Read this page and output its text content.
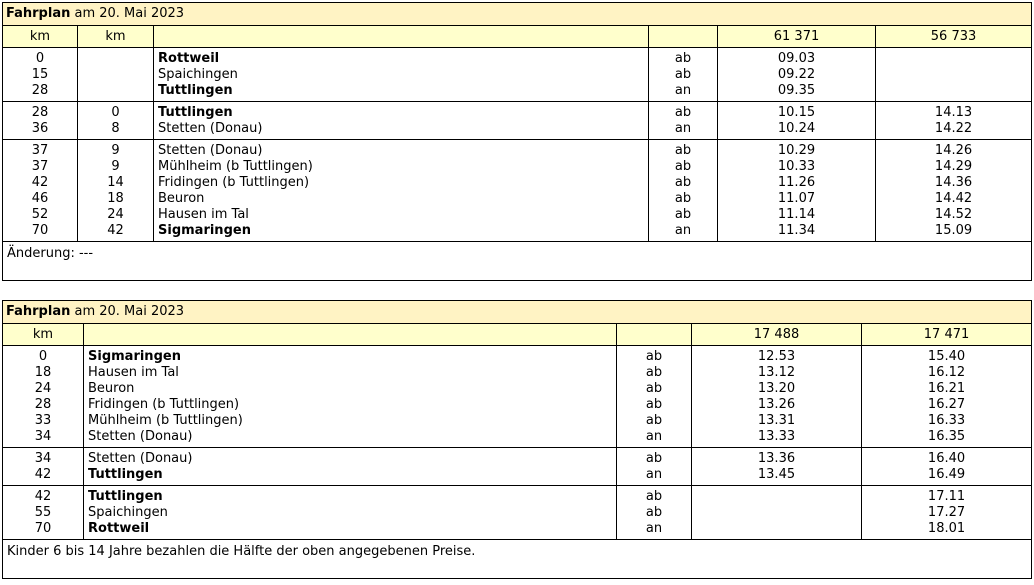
Fahrplan am 20. Mai 2023					
km	km			61 371	56 733
0		Rottweil	ab	09.03	
15		Spaichingen	ab	09.22	
28		Tuttlingen	an	09.35	
28	0	Tuttlingen	ab	10.15	14.13
36	8	Stetten (Donau)	an	10.24	14.22
37	9	Stetten (Donau)	ab	10.29	14.26
37	9	Mühlheim (b Tuttlingen)	ab	10.33	14.29
42	14	Fridingen (b Tuttlingen)	ab	11.26	14.36
46	18	Beuron	ab	11.07	14.42
52	24	Hausen im Tal	ab	11.14	14.52
70	42	Sigmaringen	an	11.34	15.09
Änderung: ---					
Fahrplan am 20. Mai 2023				
km			17 488	17 471
0	Sigmaringen	ab	12.53	15.40
18	Hausen im Tal	ab	13.12	16.12
24	Beuron	ab	13.20	16.21
28	Fridingen (b Tuttlingen)	ab	13.26	16.27
33	Mühlheim (b Tuttlingen)	ab	13.31	16.33
34	Stetten (Donau)	an	13.33	16.35
34	Stetten (Donau)	ab	13.36	16.40
42	Tuttlingen	an	13.45	16.49
42	Tuttlingen	ab		17.11
55	Spaichingen	ab		17.27
70	Rottweil	an		18.01
Kinder 6 bis 14 Jahre bezahlen die Hälfte der oben angegebenen Preise.				
